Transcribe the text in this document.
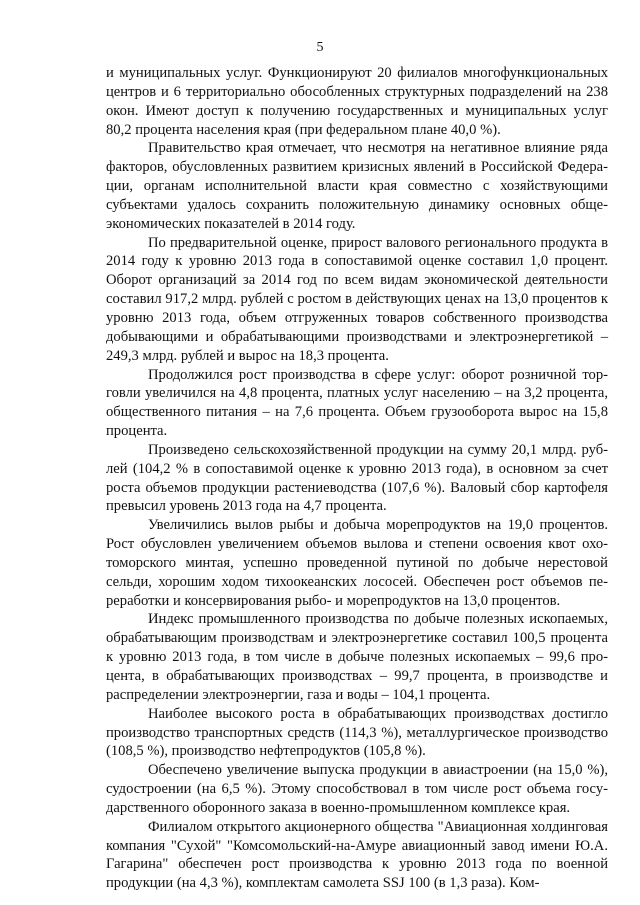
5

и муниципальных услуг. Функционируют 20 филиалов многофункциональных центров и 6 территориально обособленных структурных подразделений на 238 окон. Имеют доступ к получению государственных и муниципальных услуг 80,2 процента населения края (при федеральном плане 40,0 %).

Правительство края отмечает, что несмотря на негативное влияние ряда факторов, обусловленных развитием кризисных явлений в Российской Федерации, органам исполнительной власти края совместно с хозяйствующими субъектами удалось сохранить положительную динамику основных общеэкономических показателей в 2014 году.

По предварительной оценке, прирост валового регионального продукта в 2014 году к уровню 2013 года в сопоставимой оценке составил 1,0 процент. Оборот организаций за 2014 год по всем видам экономической деятельности составил 917,2 млрд. рублей с ростом в действующих ценах на 13,0 процентов к уровню 2013 года, объем отгруженных товаров собственного производства добывающими и обрабатывающими производствами и электроэнергетикой – 249,3 млрд. рублей и вырос на 18,3 процента.

Продолжился рост производства в сфере услуг: оборот розничной торговли увеличился на 4,8 процента, платных услуг населению – на 3,2 процента, общественного питания – на 7,6 процента. Объем грузооборота вырос на 15,8 процента.

Произведено сельскохозяйственной продукции на сумму 20,1 млрд. рублей (104,2 % в сопоставимой оценке к уровню 2013 года), в основном за счет роста объемов продукции растениеводства (107,6 %). Валовый сбор картофеля превысил уровень 2013 года на 4,7 процента.

Увеличились вылов рыбы и добыча морепродуктов на 19,0 процентов. Рост обусловлен увеличением объемов вылова и степени освоения квот охотоморского минтая, успешно проведенной путиной по добыче нерестовой сельди, хорошим ходом тихоокеанских лососей. Обеспечен рост объемов переработки и консервирования рыбо- и морепродуктов на 13,0 процентов.

Индекс промышленного производства по добыче полезных ископаемых, обрабатывающим производствам и электроэнергетике составил 100,5 процента к уровню 2013 года, в том числе в добыче полезных ископаемых – 99,6 процента, в обрабатывающих производствах – 99,7 процента, в производстве и распределении электроэнергии, газа и воды – 104,1 процента.

Наиболее высокого роста в обрабатывающих производствах достигло производство транспортных средств (114,3 %), металлургическое производство (108,5 %), производство нефтепродуктов (105,8 %).

Обеспечено увеличение выпуска продукции в авиастроении (на 15,0 %), судостроении (на 6,5 %). Этому способствовал в том числе рост объема государственного оборонного заказа в военно-промышленном комплексе края.

Филиалом открытого акционерного общества "Авиационная холдинговая компания "Сухой" "Комсомольский-на-Амуре авиационный завод имени Ю.А. Гагарина" обеспечен рост производства к уровню 2013 года по военной продукции (на 4,3 %), комплектам самолета SSJ 100 (в 1,3 раза). Ком-
